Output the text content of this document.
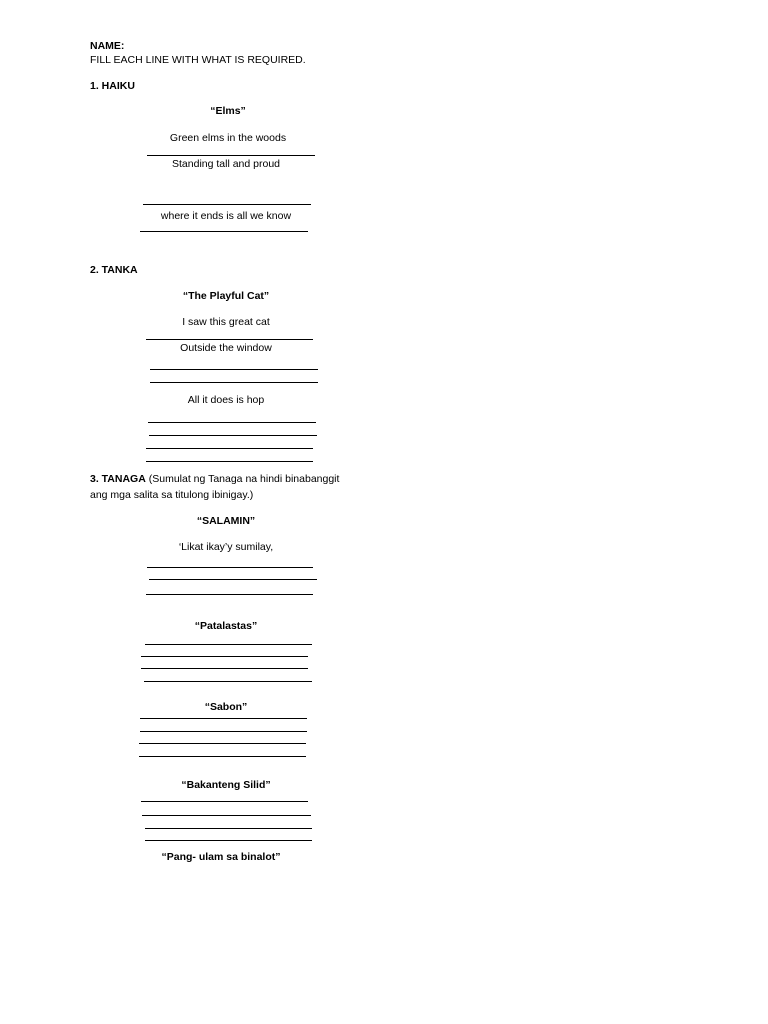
NAME:
FILL EACH LINE WITH WHAT IS REQUIRED.
1. HAIKU
“Elms”
Green elms in the woods
Standing tall and proud
where it ends is all we know
2. TANKA
“The Playful Cat”
I saw this great cat
Outside the window
All it does is hop
3. TANAGA (Sumulat ng Tanaga na hindi binabanggit
ang mga salita sa titulong ibinigay.)
“SALAMIN”
‘Likat ikay’y sumilay,
“Patalastas”
“Sabon”
“Bakanteng Silid”
“Pang- ulam sa binalot”
